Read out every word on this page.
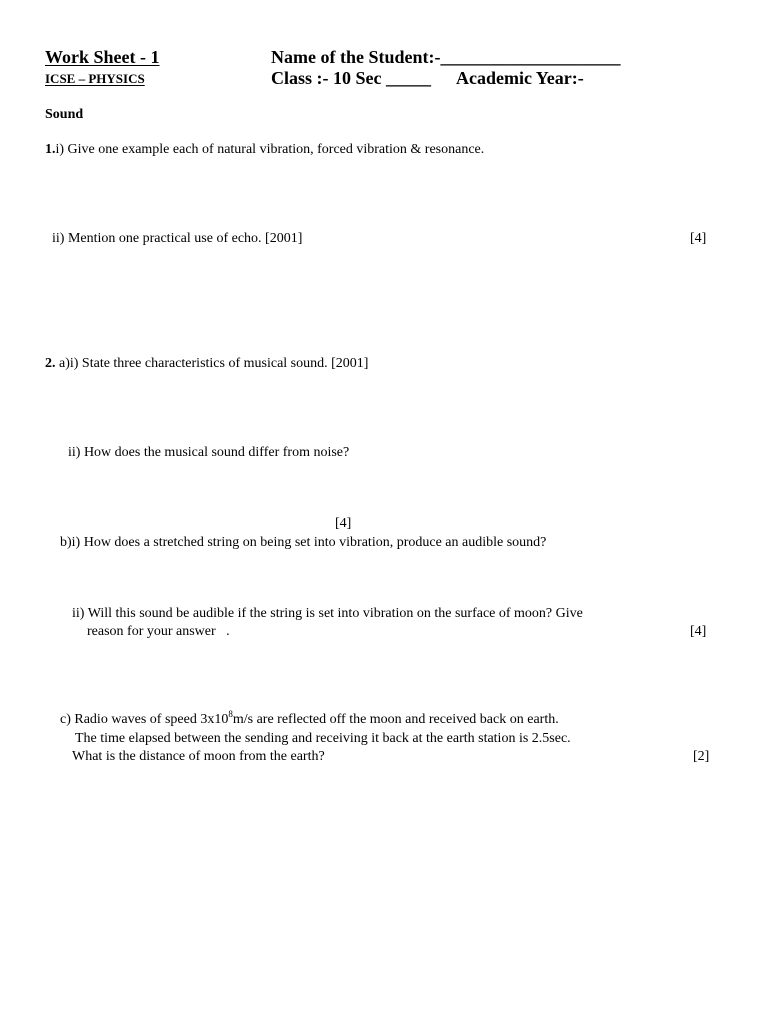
Work Sheet - 1	Name of the Student:-____________________
ICSE – PHYSICS	Class :- 10 Sec _____ Academic Year:-
Sound
1.i) Give one example each of natural vibration, forced vibration & resonance.
ii) Mention one practical use of echo. [2001]	[4]
2. a)i) State three characteristics of musical sound. [2001]
ii) How does the musical sound differ from noise?
[4]
b)i) How does a stretched string on being set into vibration, produce an audible sound?
ii) Will this sound be audible if the string is set into vibration on the surface of moon? Give
reason for your answer   .	[4]
c) Radio waves of speed $3x10^8m/s$ are reflected off the moon and received back on earth.
The time elapsed between the sending and receiving it back at the earth station is 2.5sec.
What is the distance of moon from the earth?	[2]
